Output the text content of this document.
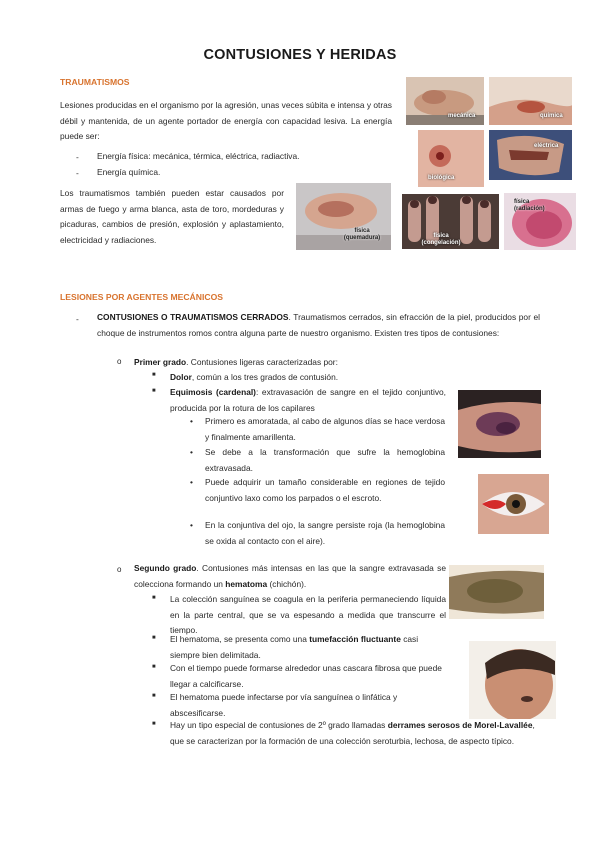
CONTUSIONES Y HERIDAS
TRAUMATISMOS
Lesiones producidas en el organismo por la agresión, unas veces súbita e intensa y otras débil y mantenida, de un agente portador de energía con capacidad lesiva. La energía puede ser:
- Energía física: mecánica, térmica, eléctrica, radiactiva.
- Energía química.
Los traumatismos también pueden estar causados por armas de fuego y arma blanca, asta de toro, mordeduras y picaduras, cambios de presión, explosión y aplastamiento, electricidad y radiaciones.
mecánica	química
eléctrica
biológica
física (quemadura)	física (congelación)
física (radiación)
LESIONES POR AGENTES MECÁNICOS
- CONTUSIONES O TRAUMATISMOS CERRADOS. Traumatismos cerrados, sin efracción de la piel, producidos por el choque de instrumentos romos contra alguna parte de nuestro organismo. Existen tres tipos de contusiones:
o Primer grado. Contusiones ligeras caracterizadas por:
■ Dolor, común a los tres grados de contusión.
■ Equimosis (cardenal): extravasación de sangre en el tejido conjuntivo, producida por la rotura de los capilares
• Primero es amoratada, al cabo de algunos días se hace verdosa y finalmente amarillenta.
• Se debe a la transformación que sufre la hemoglobina extravasada.
• Puede adquirir un tamaño considerable en regiones de tejido conjuntivo laxo como los parpados o el escroto.
• En la conjuntiva del ojo, la sangre persiste roja (la hemoglobina se oxida al contacto con el aire).
o Segundo grado. Contusiones más intensas en las que la sangre extravasada se colecciona formando un hematoma (chichón).
■ La colección sanguínea se coagula en la periferia permaneciendo líquida en la parte central, que se va espesando a medida que transcurre el tiempo.
■ El hematoma, se presenta como una tumefacción fluctuante casi siempre bien delimitada.
■ Con el tiempo puede formarse alrededor unas cascara fibrosa que puede llegar a calcificarse.
■ El hematoma puede infectarse por vía sanguínea o linfática y abscesificarse.
■ Hay un tipo especial de contusiones de 2º grado llamadas derrames serosos de Morel-Lavallée, que se caracterizan por la formación de una colección seroturbia, lechosa, de aspecto típico.
